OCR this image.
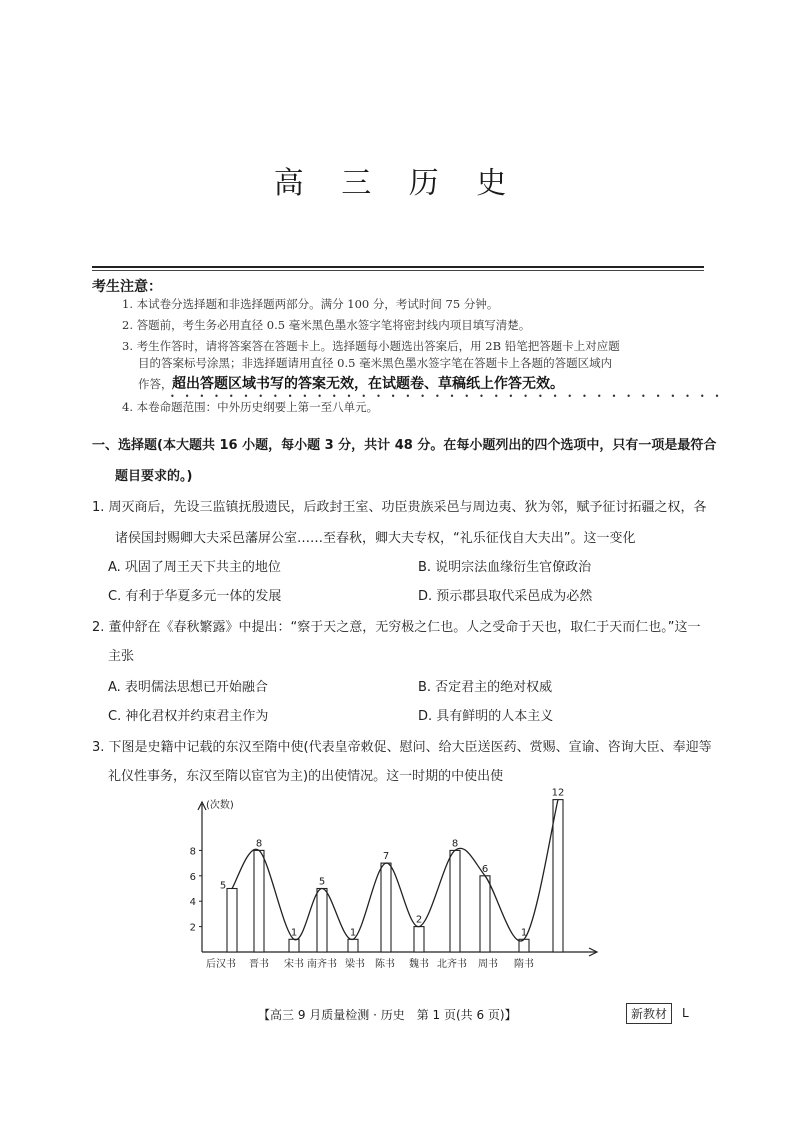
高 三 历 史
考生注意：
1. 本试卷分选择题和非选择题两部分。满分 100 分，考试时间 75 分钟。
2. 答题前，考生务必用直径 0.5 毫米黑色墨水签字笔将密封线内项目填写清楚。
3. 考生作答时，请将答案答在答题卡上。选择题每小题选出答案后，用 2B 铅笔把答题卡上对应题
目的答案标号涂黑；非选择题请用直径 0.5 毫米黑色墨水签字笔在答题卡上各题的答题区域内
作答， 超出答题区域书写的答案无效，在试题卷、草稿纸上作答无效。
••••••••••••••••••••••••••••••••••••••
4. 本卷命题范围：中外历史纲要上第一至八单元。
一、选择题(本大题共 16 小题，每小题 3 分，共计 48 分。在每小题列出的四个选项中，只有一项是最符合
题目要求的。)
1. 周灭商后，先设三监镇抚殷遗民，后政封王室、功臣贵族采邑与周边夷、狄为邻，赋予征讨拓疆之权，各
诸侯国封赐卿大夫采邑藩屏公室……至春秋，卿大夫专权，“礼乐征伐自大夫出”。这一变化
A. 巩固了周王天下共主的地位	B. 说明宗法血缘衍生官僚政治
C. 有利于华夏多元一体的发展	D. 预示郡县取代采邑成为必然
2. 董仲舒在《春秋繁露》中提出：“察于天之意，无穷极之仁也。人之受命于天也，取仁于天而仁也。”这一
主张
A. 表明儒法思想已开始融合	B. 否定君主的绝对权威
C. 神化君权并约束君主作为	D. 具有鲜明的人本主义
3. 下图是史籍中记载的东汉至隋中使(代表皇帝敕促、慰问、给大臣送医药、赏赐、宣谕、咨询大臣、奉迎等
礼仪性事务，东汉至隋以宦官为主)的出使情况。这一时期的中使出使
(次数)
2
4
6
8
5
8
1
5
1
7
2
8
6
1
12
后汉书 晋书 宋书 南齐书 梁书 陈书 魏书 北齐书 周书 隋书
【高三 9 月质量检测 · 历史　第 1 页(共 6 页)】	新教材	L
